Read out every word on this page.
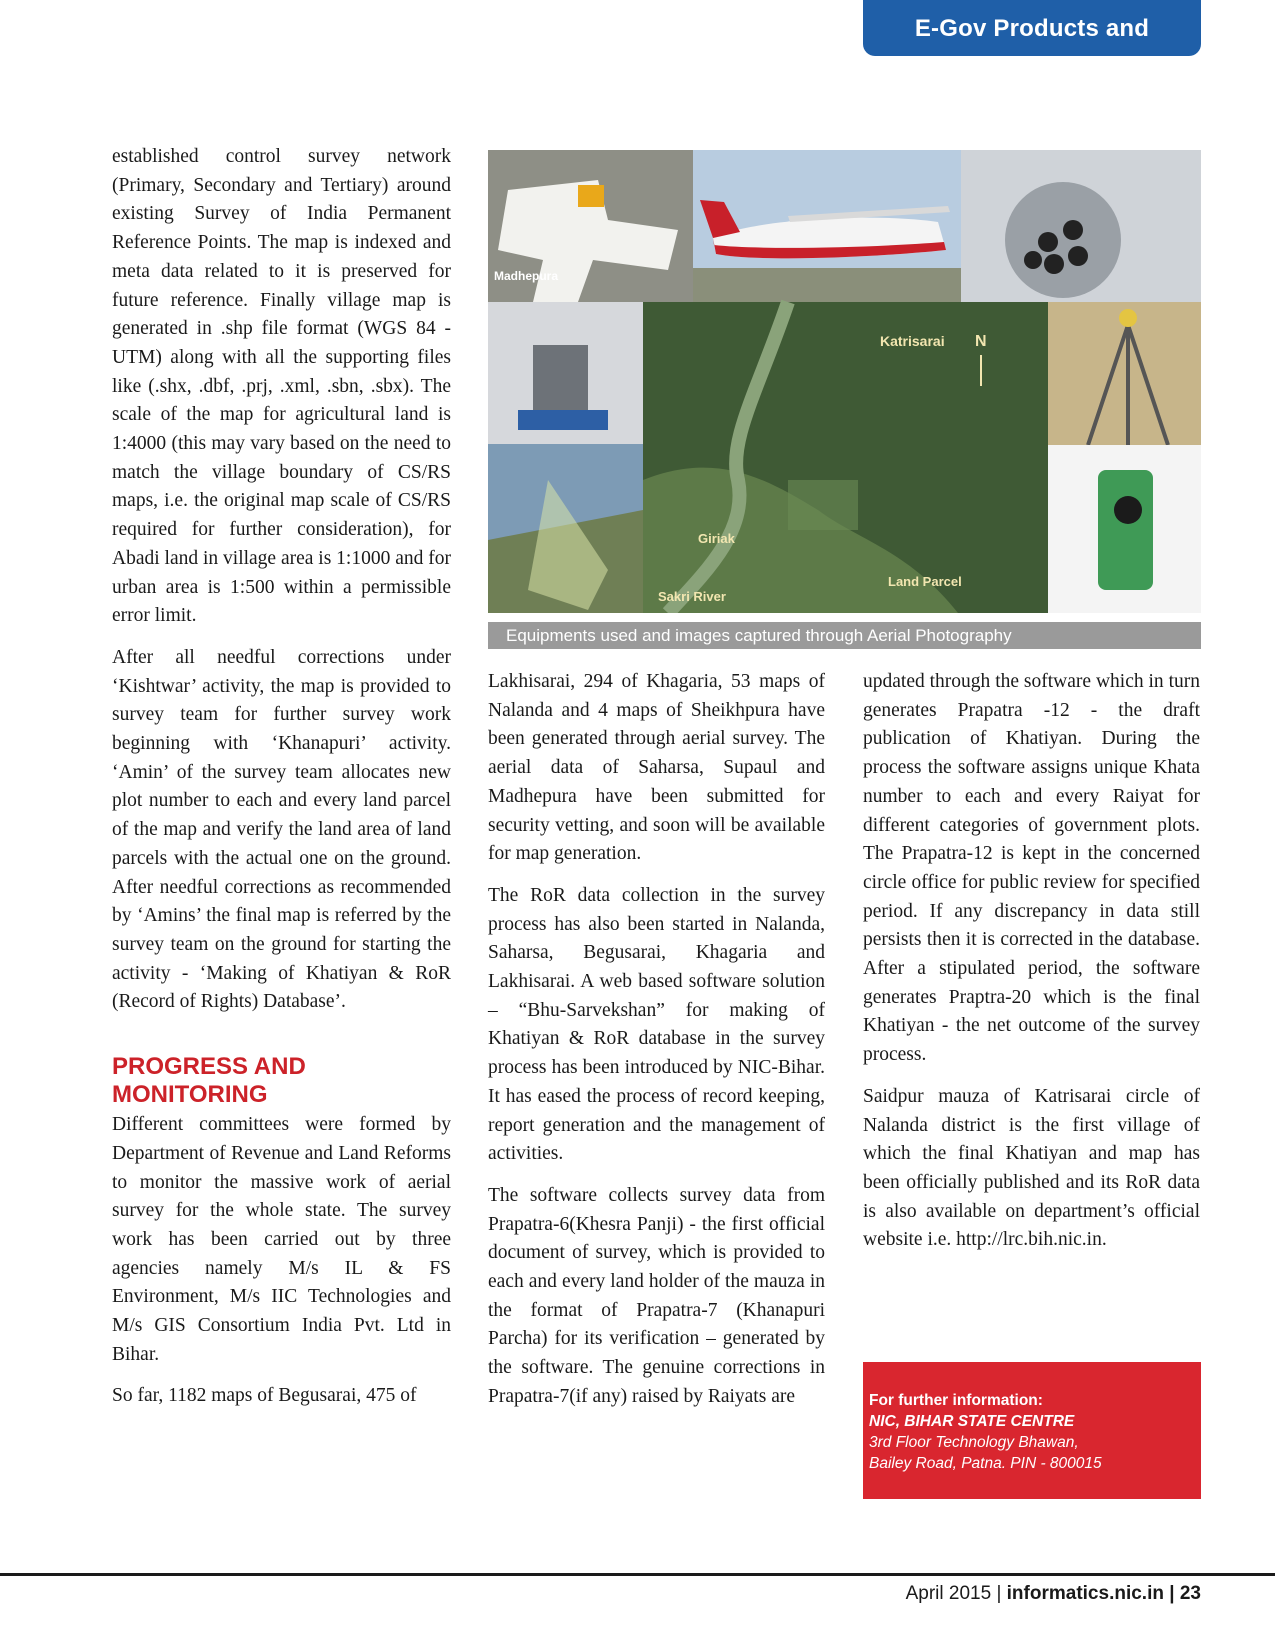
E-Gov Products and Services

established control survey network (Primary, Secondary and Tertiary) around existing Survey of India Permanent Reference Points. The map is indexed and meta data related to it is preserved for future reference. Finally village map is generated in .shp file format (WGS 84 - UTM) along with all the supporting files like (.shx, .dbf, .prj, .xml, .sbn, .sbx). The scale of the map for agricultural land is 1:4000 (this may vary based on the need to match the village boundary of CS/RS maps, i.e. the original map scale of CS/RS required for further consideration), for Abadi land in village area is 1:1000 and for urban area is 1:500 within a permissible error limit.

After all needful corrections under ‘Kishtwar’ activity, the map is provided to survey team for further survey work beginning with ‘Khanapuri’ activity. ‘Amin’ of the survey team allocates new plot number to each and every land parcel of the map and verify the land area of land parcels with the actual one on the ground. After needful corrections as recommended by ‘Amins’ the final map is referred by the survey team on the ground for starting the activity - ‘Making of Khatiyan & RoR (Record of Rights) Database’.

PROGRESS AND
MONITORING

Different committees were formed by Department of Revenue and Land Reforms to monitor the massive work of aerial survey for the whole state. The survey work has been carried out by three agencies namely M/s IL & FS Environment, M/s IIC Technologies and M/s GIS Consortium India Pvt. Ltd in Bihar.

So far, 1182 maps of Begusarai, 475 of

Madhepura
Katrisarai N
Giriak
Sakri River
Land Parcel
Equipments used and images captured through Aerial Photography

Lakhisarai, 294 of Khagaria, 53 maps of Nalanda and 4 maps of Sheikhpura have been generated through aerial survey. The aerial data of Saharsa, Supaul and Madhepura have been submitted for security vetting, and soon will be available for map generation.

The RoR data collection in the survey process has also been started in Nalanda, Saharsa, Begusarai, Khagaria and Lakhisarai. A web based software solution – “Bhu-Sarvekshan” for making of Khatiyan & RoR database in the survey process has been introduced by NIC-Bihar. It has eased the process of record keeping, report generation and the management of activities.

The software collects survey data from Prapatra-6(Khesra Panji) - the first official document of survey, which is provided to each and every land holder of the mauza in the format of Prapatra-7 (Khanapuri Parcha) for its verification – generated by the software. The genuine corrections in Prapatra-7(if any) raised by Raiyats are

updated through the software which in turn generates Prapatra -12 - the draft publication of Khatiyan. During the process the software assigns unique Khata number to each and every Raiyat for different categories of government plots. The Prapatra-12 is kept in the concerned circle office for public review for specified period. If any discrepancy in data still persists then it is corrected in the database. After a stipulated period, the software generates Praptra-20 which is the final Khatiyan - the net outcome of the survey process.

Saidpur mauza of Katrisarai circle of Nalanda district is the first village of which the final Khatiyan and map has been officially published and its RoR data is also available on department’s official website i.e. http://lrc.bih.nic.in.

For further information:
NIC, BIHAR STATE CENTRE
3rd Floor Technology Bhawan,
Bailey Road, Patna. PIN - 800015
April 2015 | informatics.nic.in | 23
